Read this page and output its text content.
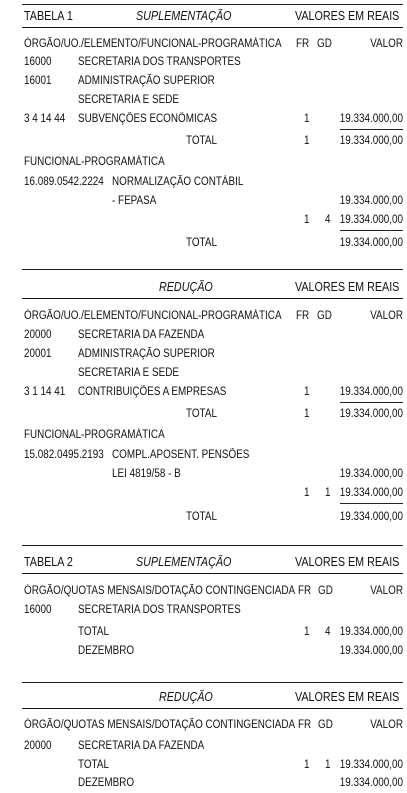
TABELA 1	SUPLEMENTAÇÃO	VALORES EM REAIS
ÓRGÃO/UO./ELEMENTO/FUNCIONAL-PROGRAMÁTICA FR GD	VALOR
16000 SECRETARIA DOS TRANSPORTES
16001 ADMINISTRAÇÃO SUPERIOR
SECRETARIA E SEDE
3 4 14 44 SUBVENÇÕES ECONÔMICAS	1	19.334.000,00
TOTAL	1	19.334.000,00
FUNCIONAL-PROGRAMÁTICA
16.089.0542.2224 NORMALIZAÇÃO CONTÁBIL
- FEPASA	19.334.000,00
1 4 19.334.000,00
TOTAL	19.334.000,00
REDUÇÃO	VALORES EM REAIS
ÓRGÃO/UO./ELEMENTO/FUNCIONAL-PROGRAMÁTICA FR GD	VALOR
20000 SECRETARIA DA FAZENDA
20001 ADMINISTRAÇÃO SUPERIOR
SECRETARIA E SEDE
3 1 14 41 CONTRIBUIÇÕES A EMPRESAS	1	19.334.000,00
TOTAL	1	19.334.000,00
FUNCIONAL-PROGRAMÁTICA
15.082.0495.2193 COMPL.APOSENT. PENSÕES
LEI 4819/58 - B	19.334.000,00
1 1 19.334.000,00
TOTAL	19.334.000,00
TABELA 2	SUPLEMENTAÇÃO	VALORES EM REAIS
ÓRGÃO/QUOTAS MENSAIS/DOTAÇÃO CONTINGENCIADA FR GD	VALOR
16000 SECRETARIA DOS TRANSPORTES
TOTAL	1 4 19.334.000,00
DEZEMBRO	19.334.000,00
REDUÇÃO	VALORES EM REAIS
ÓRGÃO/QUOTAS MENSAIS/DOTAÇÃO CONTINGENCIADA FR GD	VALOR
20000 SECRETARIA DA FAZENDA
TOTAL	1 1 19.334.000,00
DEZEMBRO	19.334.000,00
